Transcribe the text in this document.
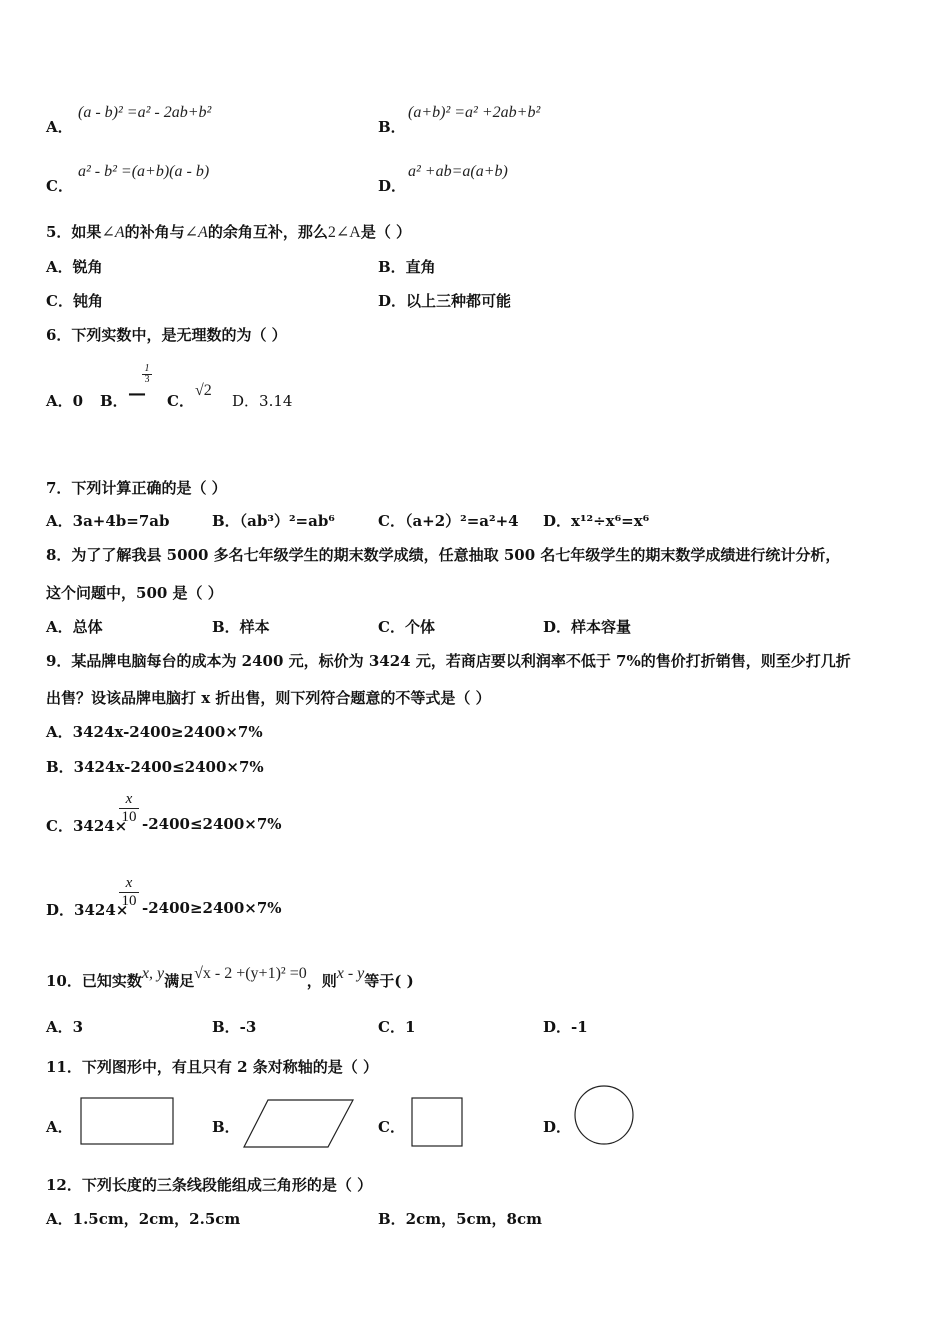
A．
(a - b)² =a² - 2ab+b²
B．
(a+b)² =a² +2ab+b²
C．
a² - b² =(a+b)(a - b)
D．
a² +ab=a(a+b)
5．如果∠A的补角与∠A的余角互补，那么2∠A是（ ）
A．锐角	B．直角
C．钝角	D．以上三种都可能
6．下列实数中，是无理数的为（ ）
A．0 B． —
1
3
C．
√2
D．3.14
7．下列计算正确的是（ ）
A．3a+4b=7ab	B．（ab³）²=ab⁶	C．（a+2）²=a²+4 D．x¹²÷x⁶=x⁶
8．为了了解我县 5000 多名七年级学生的期末数学成绩，任意抽取 500 名七年级学生的期末数学成绩进行统计分析，
这个问题中，500 是（ ）
A．总体	B．样本	C．个体	D．样本容量
9．某品牌电脑每台的成本为 2400 元，标价为 3424 元，若商店要以利润率不低于 7%的售价打折销售，则至少打几折
出售？设该品牌电脑打 x 折出售，则下列符合题意的不等式是（ ）
A．3424x-2400≥2400×7%
B．3424x-2400≤2400×7%
C．3424×
x
10 -2400≤2400×7%
D．3424×
x
10 -2400≥2400×7%
10．已知实数x, y满足√x - 2 +(y+1)² =0，则x - y等于( )
A．3	B．-3	C．1	D．-1
11．下列图形中，有且只有 2 条对称轴的是（ ）
A．	B．	C．	D．
12．下列长度的三条线段能组成三角形的是（ ）
A．1.5cm，2cm，2.5cm	B．2cm，5cm，8cm
